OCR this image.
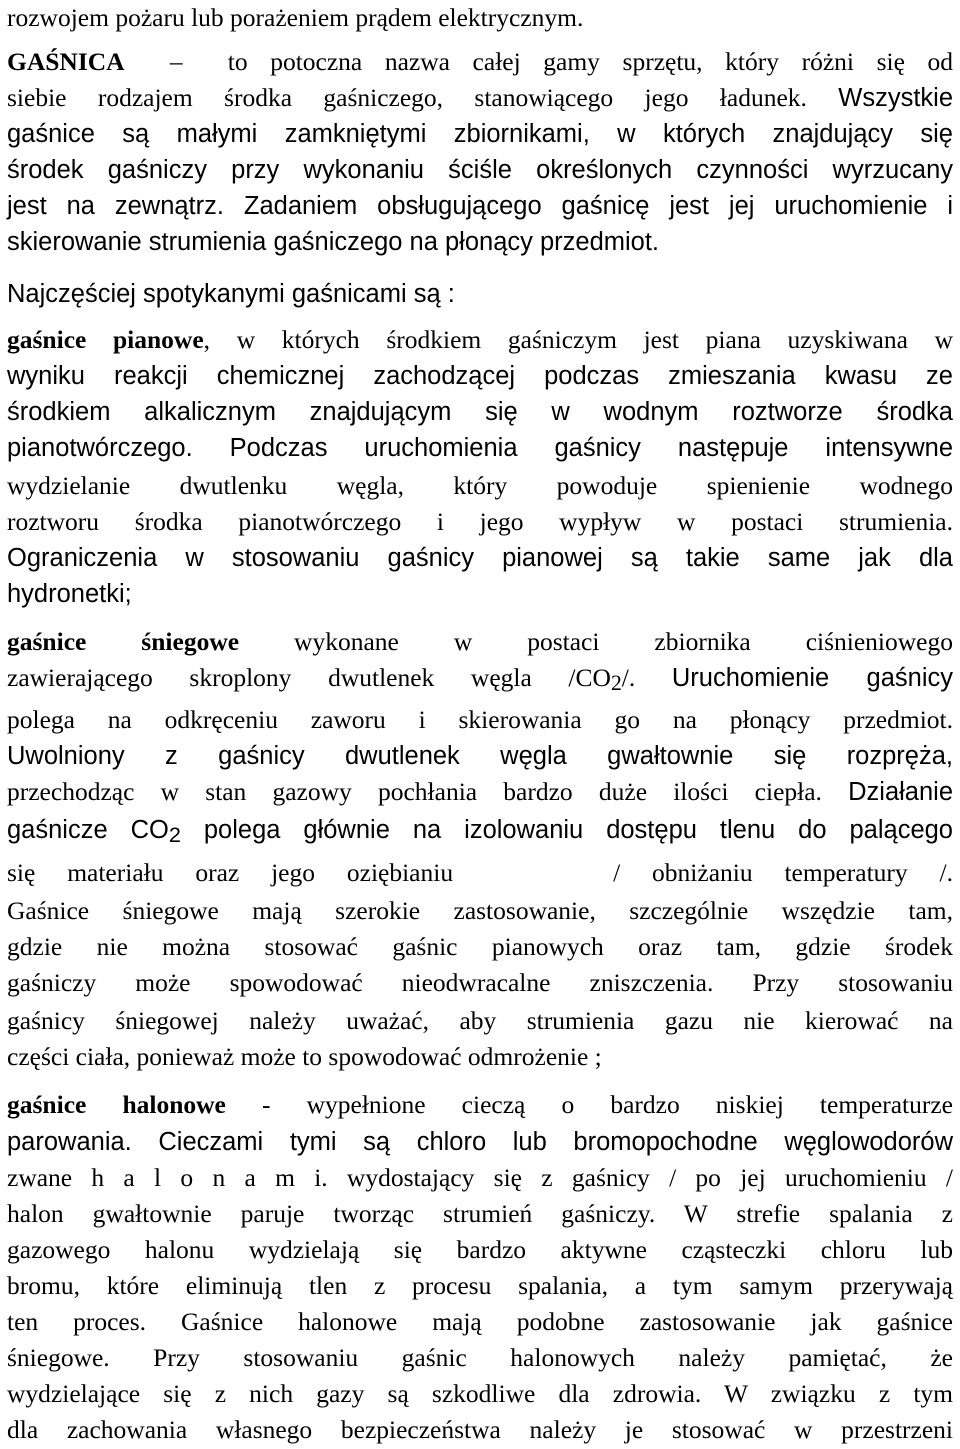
rozwojem pożaru lub porażeniem prądem elektrycznym.
GAŚNICA – to potoczna nazwa całej gamy sprzętu, który różni się od
siebie rodzajem środka gaśniczego, stanowiącego jego ładunek. Wszystkie
gaśnice są małymi zamkniętymi zbiornikami, w których znajdujący się
środek gaśniczy przy wykonaniu ściśle określonych czynności wyrzucany
jest na zewnątrz. Zadaniem obsługującego gaśnicę jest jej uruchomienie i
skierowanie strumienia gaśniczego na płonący przedmiot.
Najczęściej spotykanymi gaśnicami są :
gaśnice pianowe, w których środkiem gaśniczym jest piana uzyskiwana w
wyniku reakcji chemicznej zachodzącej podczas zmieszania kwasu ze
środkiem alkalicznym znajdującym się w wodnym roztworze środka
pianotwórczego. Podczas uruchomienia gaśnicy następuje intensywne
wydzielanie dwutlenku węgla, który powoduje spienienie wodnego
roztworu środka pianotwórczego i jego wypływ w postaci strumienia.
Ograniczenia w stosowaniu gaśnicy pianowej są takie same jak dla
hydronetki;
gaśnice śniegowe wykonane w postaci zbiornika ciśnieniowego
zawierającego skroplony dwutlenek węgla /CO2/. Uruchomienie gaśnicy
polega na odkręceniu zaworu i skierowania go na płonący przedmiot.
Uwolniony z gaśnicy dwutlenek węgla gwałtownie się rozpręża,
przechodząc w stan gazowy pochłania bardzo duże ilości ciepła. Działanie
gaśnicze CO2 polega głównie na izolowaniu dostępu tlenu do palącego
się materiału oraz jego oziębianiu	/ obniżaniu temperatury /.
Gaśnice śniegowe mają szerokie zastosowanie, szczególnie wszędzie tam,
gdzie nie można stosować gaśnic pianowych oraz tam, gdzie środek
gaśniczy może spowodować nieodwracalne zniszczenia. Przy stosowaniu
gaśnicy śniegowej należy uważać, aby strumienia gazu nie kierować na
części ciała, ponieważ może to spowodować odmrożenie ;
gaśnice halonowe - wypełnione cieczą o bardzo niskiej temperaturze
parowania. Cieczami tymi są chloro lub bromopochodne węglowodorów
zwane h a l o n a m i. wydostający się z gaśnicy / po jej uruchomieniu /
halon gwałtownie paruje tworząc strumień gaśniczy. W strefie spalania z
gazowego halonu wydzielają się bardzo aktywne cząsteczki chloru lub
bromu, które eliminują tlen z procesu spalania, a tym samym przerywają
ten proces. Gaśnice halonowe mają podobne zastosowanie jak gaśnice
śniegowe. Przy stosowaniu gaśnic halonowych należy pamiętać, że
wydzielające się z nich gazy są szkodliwe dla zdrowia. W związku z tym
dla zachowania własnego bezpieczeństwa należy je stosować w przestrzeni
